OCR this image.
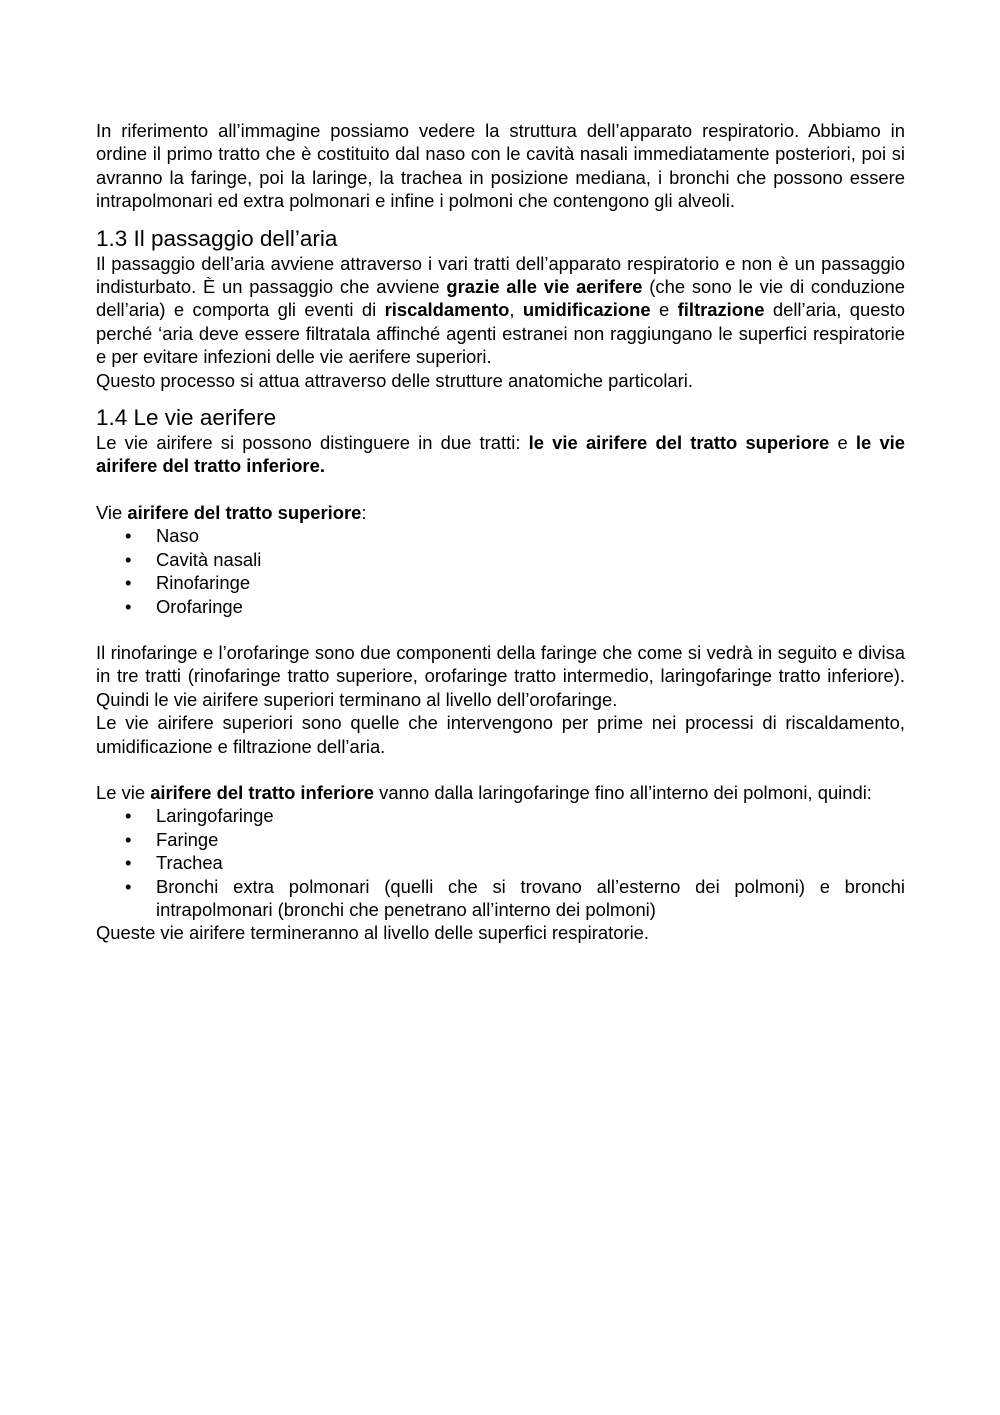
In riferimento all’immagine possiamo vedere la struttura dell’apparato respiratorio. Abbiamo in ordine il primo tratto che è costituito dal naso con le cavità nasali immediatamente posteriori, poi si avranno la faringe, poi la laringe, la trachea in posizione mediana, i bronchi che possono essere intrapolmonari ed extra polmonari e infine i polmoni che contengono gli alveoli.

1.3 Il passaggio dell’aria

Il passaggio dell’aria avviene attraverso i vari tratti dell’apparato respiratorio e non è un passaggio indisturbato. È un passaggio che avviene grazie alle vie aerifere (che sono le vie di conduzione dell’aria) e comporta gli eventi di riscaldamento, umidificazione e filtrazione dell’aria, questo perché ‘aria deve essere filtratala affinché agenti estranei non raggiungano le superfici respiratorie e per evitare infezioni delle vie aerifere superiori.

Questo processo si attua attraverso delle strutture anatomiche particolari.

1.4 Le vie aerifere

Le vie airifere si possono distinguere in due tratti: le vie airifere del tratto superiore e le vie airifere del tratto inferiore.

Vie airifere del tratto superiore:

• Naso
• Cavità nasali
• Rinofaringe
• Orofaringe

Il rinofaringe e l’orofaringe sono due componenti della faringe che come si vedrà in seguito e divisa in tre tratti (rinofaringe tratto superiore, orofaringe tratto intermedio, laringofaringe tratto inferiore). Quindi le vie airifere superiori terminano al livello dell’orofaringe.

Le vie airifere superiori sono quelle che intervengono per prime nei processi di riscaldamento, umidificazione e filtrazione dell’aria.

Le vie airifere del tratto inferiore vanno dalla laringofaringe fino all’interno dei polmoni, quindi:

• Laringofaringe
• Faringe
• Trachea
• Bronchi extra polmonari (quelli che si trovano all’esterno dei polmoni) e bronchi intrapolmonari (bronchi che penetrano all’interno dei polmoni)

Queste vie airifere termineranno al livello delle superfici respiratorie.
